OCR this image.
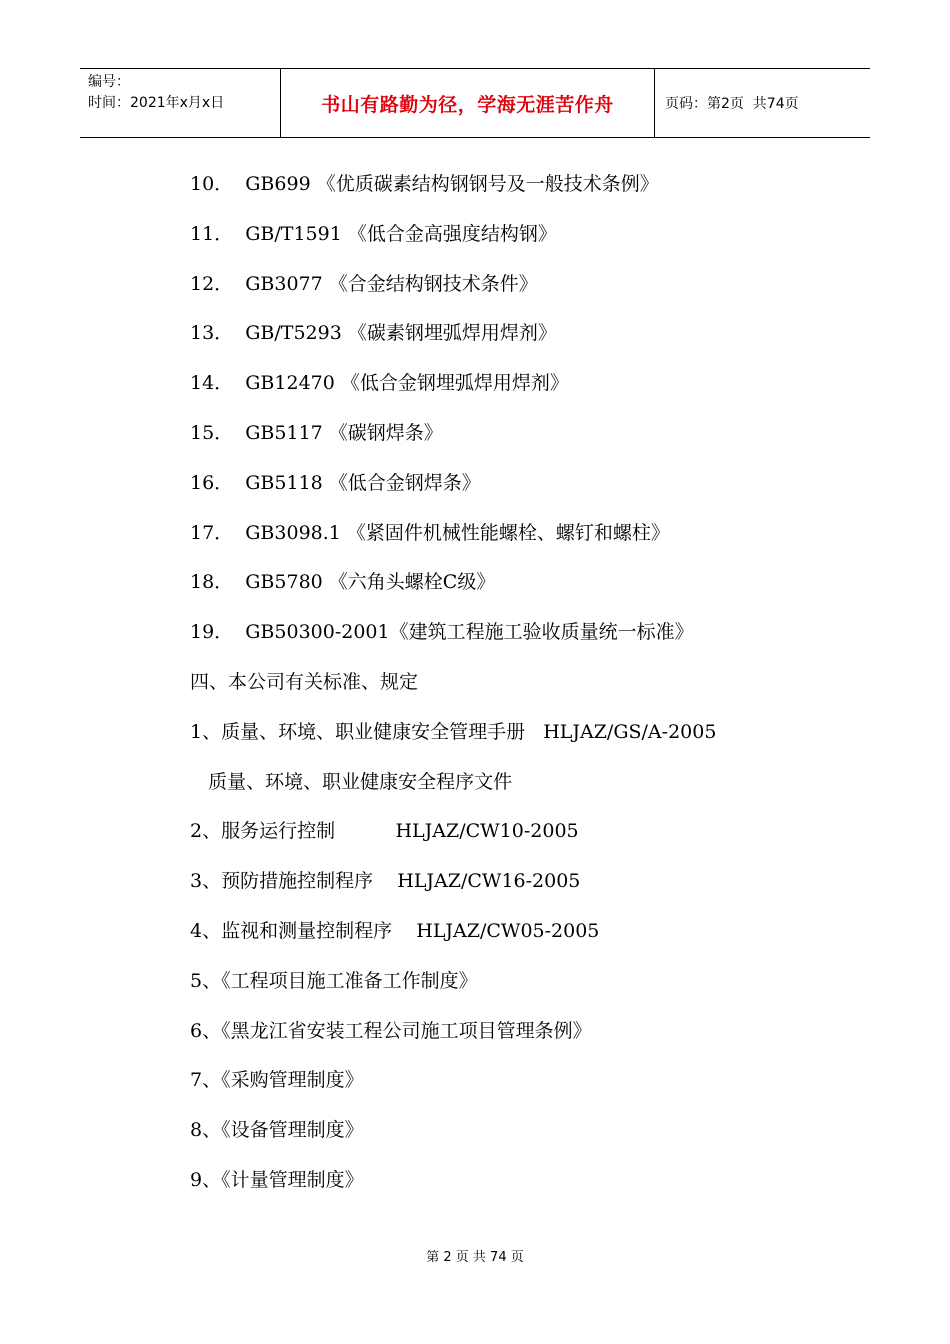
编号：
时间：2021年x月x日	书山有路勤为径，学海无涯苦作舟	页码：第2页  共74页
10．  GB699 《优质碳素结构钢钢号及一般技术条例》
11．  GB/T1591 《低合金高强度结构钢》
12．  GB3077 《合金结构钢技术条件》
13．  GB/T5293 《碳素钢埋弧焊用焊剂》
14．  GB12470 《低合金钢埋弧焊用焊剂》
15．  GB5117 《碳钢焊条》
16．  GB5118 《低合金钢焊条》
17．  GB3098.1 《紧固件机械性能螺栓、螺钉和螺柱》
18．  GB5780 《六角头螺栓C级》
19．  GB50300-2001《建筑工程施工验收质量统一标准》
四、本公司有关标准、规定
1、质量、环境、职业健康安全管理手册   HLJAZ/GS/A-2005
质量、环境、职业健康安全程序文件
2、服务运行控制          HLJAZ/CW10-2005
3、预防措施控制程序    HLJAZ/CW16-2005
4、监视和测量控制程序    HLJAZ/CW05-2005
5、《工程项目施工准备工作制度》
6、《黑龙江省安装工程公司施工项目管理条例》
7、《采购管理制度》
8、《设备管理制度》
9、《计量管理制度》
第 2 页 共 74 页
